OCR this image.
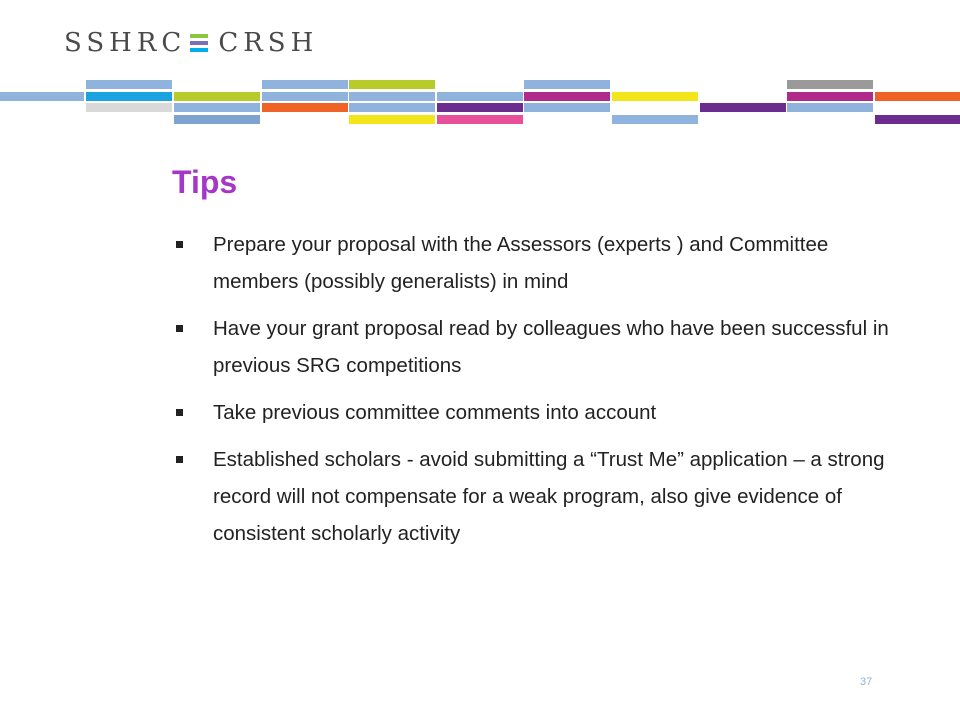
SSHRC CRSH
Tips
Prepare your proposal with the Assessors (experts ) and Committee members (possibly generalists) in mind
Have your grant proposal read by colleagues who have been successful in previous SRG competitions
Take previous committee comments into account
Established scholars - avoid submitting a “Trust Me” application – a strong record will not compensate for a weak program, also give evidence of consistent scholarly activity
37
